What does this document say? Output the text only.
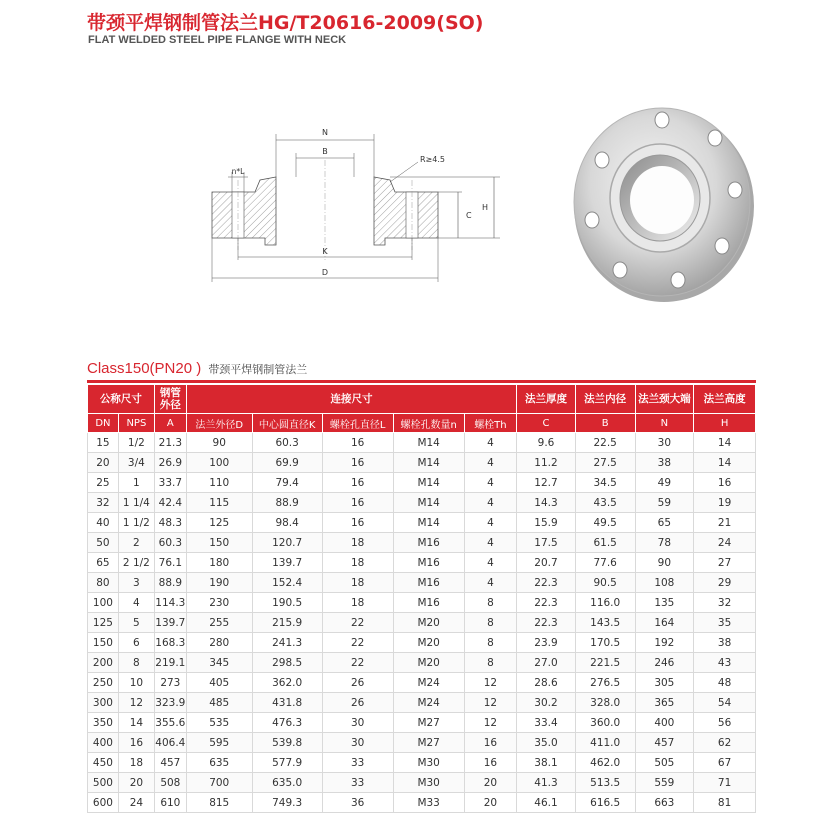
带颈平焊钢制管法兰HG/T20616-2009(SO)
FLAT WELDED STEEL PIPE FLANGE WITH NECK
N
B
R≥4.5
n*L
C
H
K
D
Class150(PN20 ) 带颈平焊钢制管法兰
公称尺寸		钢管外径	连接尺寸					法兰厚度	法兰内径	法兰颈大端	法兰高度
DN	NPS	A	法兰外径D	中心圆直径K	螺栓孔直径L	螺栓孔数量n	螺栓Th	C	B	N	H
15	1/2	21.3	90	60.3	16	M14	4	9.6	22.5	30	14
20	3/4	26.9	100	69.9	16	M14	4	11.2	27.5	38	14
25	1	33.7	110	79.4	16	M14	4	12.7	34.5	49	16
32	1 1/4	42.4	115	88.9	16	M14	4	14.3	43.5	59	19
40	1 1/2	48.3	125	98.4	16	M14	4	15.9	49.5	65	21
50	2	60.3	150	120.7	18	M16	4	17.5	61.5	78	24
65	2 1/2	76.1	180	139.7	18	M16	4	20.7	77.6	90	27
80	3	88.9	190	152.4	18	M16	4	22.3	90.5	108	29
100	4	114.3	230	190.5	18	M16	8	22.3	116.0	135	32
125	5	139.7	255	215.9	22	M20	8	22.3	143.5	164	35
150	6	168.3	280	241.3	22	M20	8	23.9	170.5	192	38
200	8	219.1	345	298.5	22	M20	8	27.0	221.5	246	43
250	10	273	405	362.0	26	M24	12	28.6	276.5	305	48
300	12	323.9	485	431.8	26	M24	12	30.2	328.0	365	54
350	14	355.6	535	476.3	30	M27	12	33.4	360.0	400	56
400	16	406.4	595	539.8	30	M27	16	35.0	411.0	457	62
450	18	457	635	577.9	33	M30	16	38.1	462.0	505	67
500	20	508	700	635.0	33	M30	20	41.3	513.5	559	71
600	24	610	815	749.3	36	M33	20	46.1	616.5	663	81
